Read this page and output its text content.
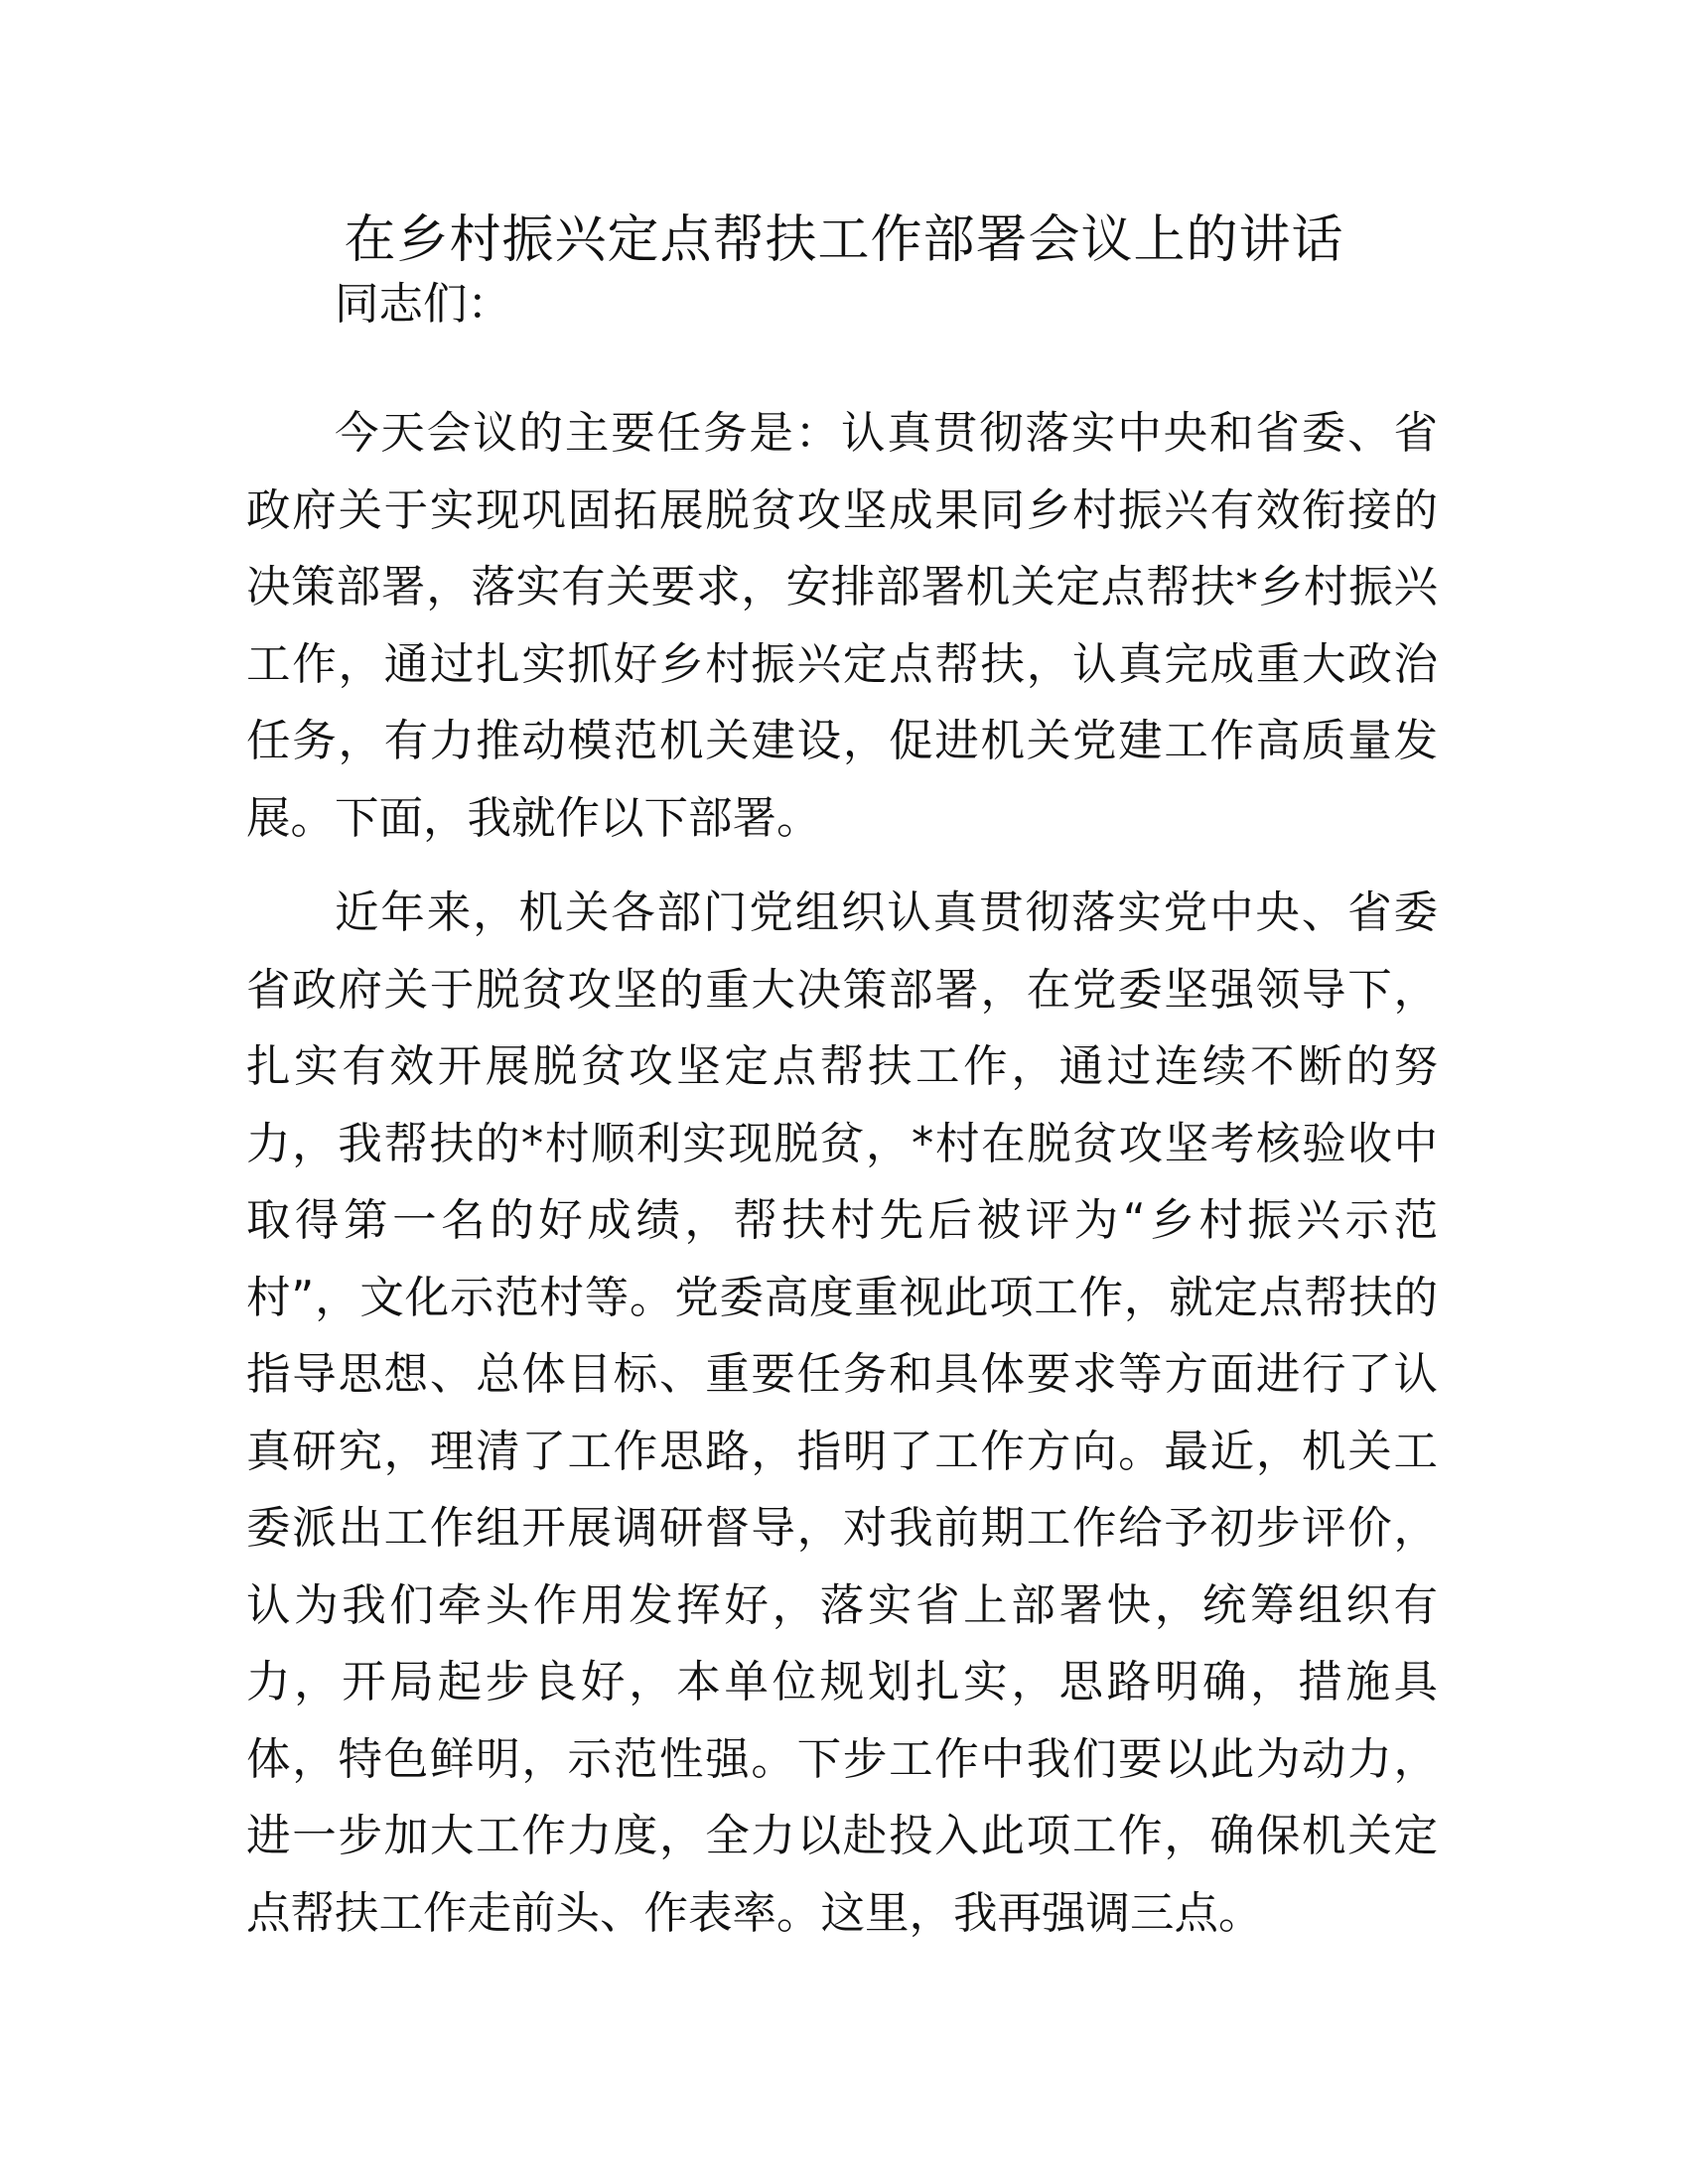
在乡村振兴定点帮扶工作部署会议上的讲话

同志们：

今天会议的主要任务是：认真贯彻落实中央和省委、省政府关于实现巩固拓展脱贫攻坚成果同乡村振兴有效衔接的决策部署，落实有关要求，安排部署机关定点帮扶*乡村振兴工作，通过扎实抓好乡村振兴定点帮扶，认真完成重大政治任务，有力推动模范机关建设，促进机关党建工作高质量发展。下面，我就作以下部署。

近年来，机关各部门党组织认真贯彻落实党中央、省委省政府关于脱贫攻坚的重大决策部署，在党委坚强领导下，扎实有效开展脱贫攻坚定点帮扶工作，通过连续不断的努力，我帮扶的*村顺利实现脱贫，*村在脱贫攻坚考核验收中取得第一名的好成绩，帮扶村先后被评为“乡村振兴示范村”，文化示范村等。党委高度重视此项工作，就定点帮扶的指导思想、总体目标、重要任务和具体要求等方面进行了认真研究，理清了工作思路，指明了工作方向。最近，机关工委派出工作组开展调研督导，对我前期工作给予初步评价，认为我们牵头作用发挥好，落实省上部署快，统筹组织有力，开局起步良好，本单位规划扎实，思路明确，措施具体，特色鲜明，示范性强。下步工作中我们要以此为动力，进一步加大工作力度，全力以赴投入此项工作，确保机关定点帮扶工作走前头、作表率。这里，我再强调三点。
